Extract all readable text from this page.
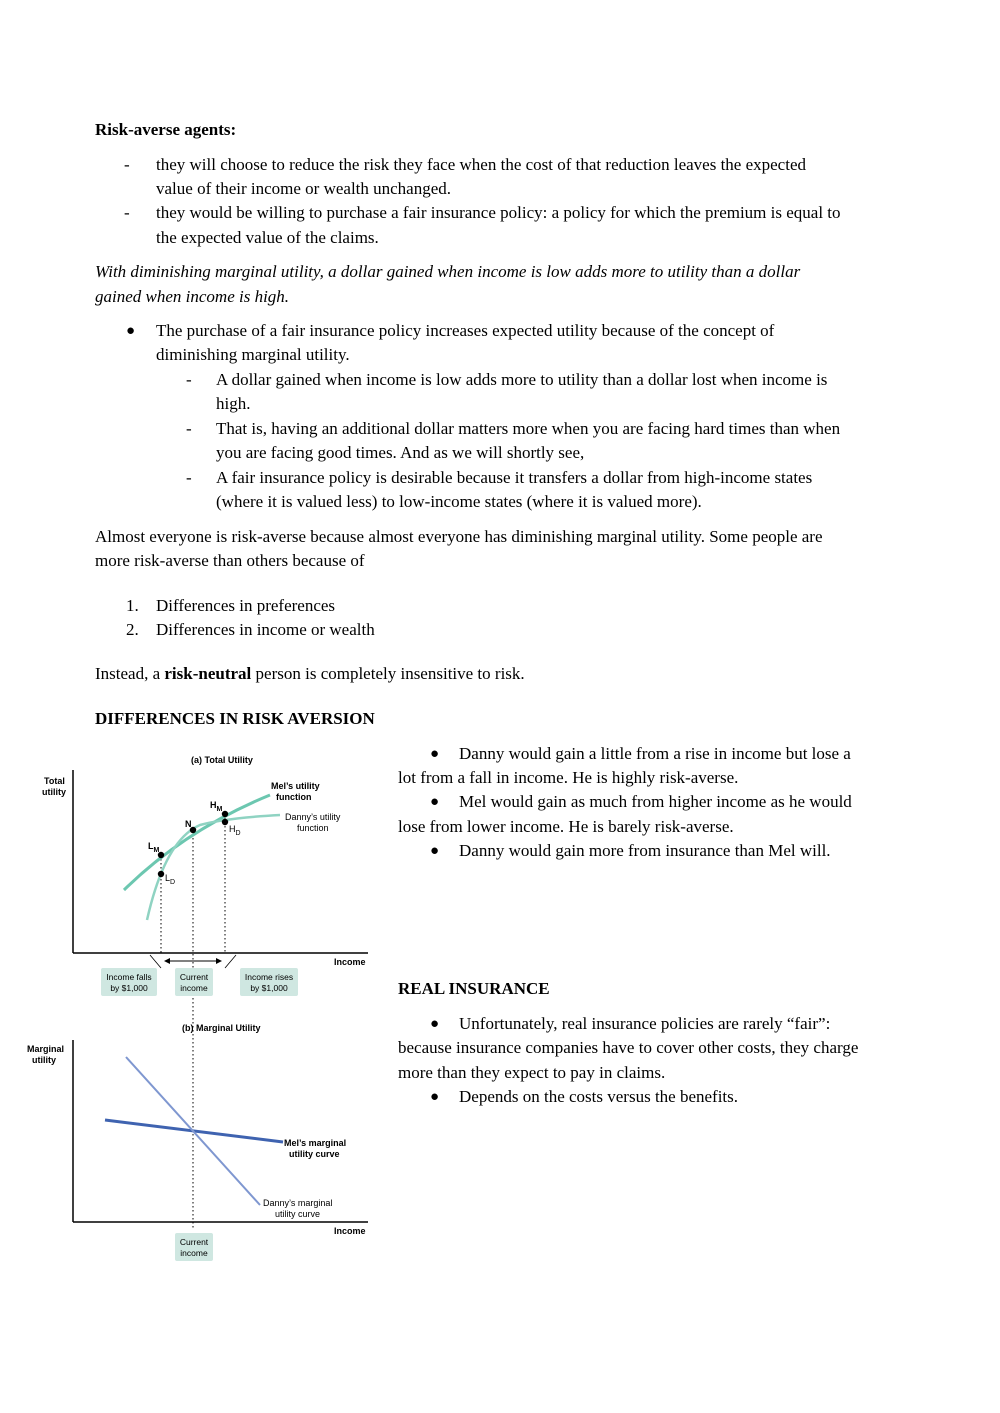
Risk-averse agents:
- they will choose to reduce the risk they face when the cost of that reduction leaves the expected
value of their income or wealth unchanged.
- they would be willing to purchase a fair insurance policy: a policy for which the premium is equal to
the expected value of the claims.
With diminishing marginal utility, a dollar gained when income is low adds more to utility than a dollar
gained when income is high.
● The purchase of a fair insurance policy increases expected utility because of the concept of
diminishing marginal utility.
- A dollar gained when income is low adds more to utility than a dollar lost when income is
high.
- That is, having an additional dollar matters more when you are facing hard times than when
you are facing good times. And as we will shortly see,
- A fair insurance policy is desirable because it transfers a dollar from high-income states
(where it is valued less) to low-income states (where it is valued more).
Almost everyone is risk-averse because almost everyone has diminishing marginal utility. Some people are
more risk-averse than others because of
1. Differences in preferences
2. Differences in income or wealth
Instead, a risk-neutral person is completely insensitive to risk.
DIFFERENCES IN RISK AVERSION
● Danny would gain a little from a rise in income but lose a
lot from a fall in income. He is highly risk-averse.
● Mel would gain as much from higher income as he would
lose from lower income. He is barely risk-averse.
● Danny would gain more from insurance than Mel will.
REAL INSURANCE
● Unfortunately, real insurance policies are rarely “fair”:
because insurance companies have to cover other costs, they charge
more than they expect to pay in claims.
● Depends on the costs versus the benefits.
(a) Total Utility
Total
utility
Income
N
$H_M$
$H_D$
$L_M$
$L_D$
Mel’s utility
function
Danny’s utility
function
Income falls
by $1,000
Current
income
Income rises
by $1,000
(b) Marginal Utility
Marginal
utility
Income
Mel’s marginal
utility curve
Danny’s marginal
utility curve
Current
income
